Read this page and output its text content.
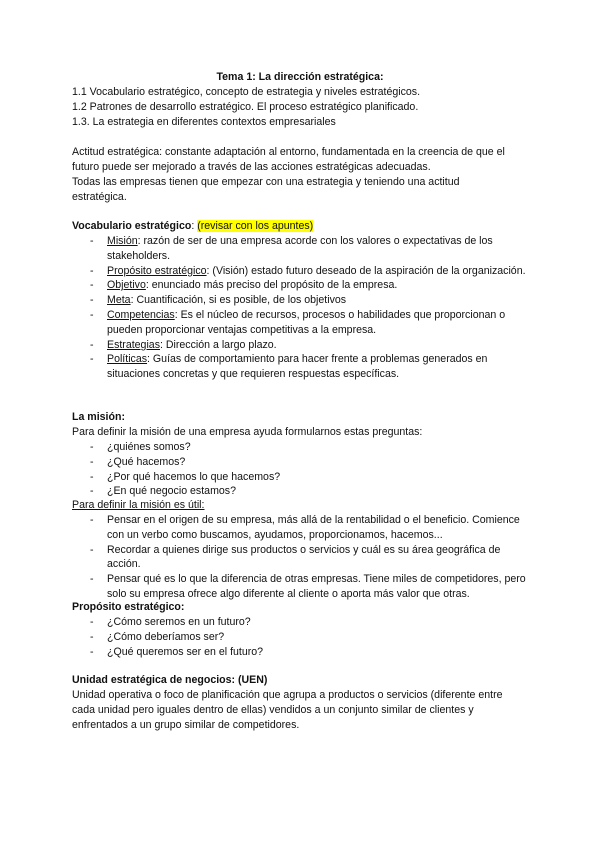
Tema 1: La dirección estratégica:
1.1 Vocabulario estratégico, concepto de estrategia y niveles estratégicos.
1.2 Patrones de desarrollo estratégico. El proceso estratégico planificado.
1.3. La estrategia en diferentes contextos empresariales
Actitud estratégica: constante adaptación al entorno, fundamentada en la creencia de que el
futuro puede ser mejorado a través de las acciones estratégicas adecuadas.
Todas las empresas tienen que empezar con una estrategia y teniendo una actitud
estratégica.
Vocabulario estratégico: (revisar con los apuntes)
- Misión: razón de ser de una empresa acorde con los valores o expectativas de los stakeholders.
- Propósito estratégico: (Visión) estado futuro deseado de la aspiración de la organización.
- Objetivo: enunciado más preciso del propósito de la empresa.
- Meta: Cuantificación, si es posible, de los objetivos
- Competencias: Es el núcleo de recursos, procesos o habilidades que proporcionan o pueden proporcionar ventajas competitivas a la empresa.
- Estrategias: Dirección a largo plazo.
- Políticas: Guías de comportamiento para hacer frente a problemas generados en situaciones concretas y que requieren respuestas específicas.
La misión:
Para definir la misión de una empresa ayuda formularnos estas preguntas:
- ¿quiénes somos?
- ¿Qué hacemos?
- ¿Por qué hacemos lo que hacemos?
- ¿En qué negocio estamos?
Para definir la misión es útil:
- Pensar en el origen de su empresa, más allá de la rentabilidad o el beneficio. Comience con un verbo como buscamos, ayudamos, proporcionamos, hacemos...
- Recordar a quienes dirige sus productos o servicios y cuál es su área geográfica de acción.
- Pensar qué es lo que la diferencia de otras empresas. Tiene miles de competidores, pero solo su empresa ofrece algo diferente al cliente o aporta más valor que otras.
Propósito estratégico:
- ¿Cómo seremos en un futuro?
- ¿Cómo deberíamos ser?
- ¿Qué queremos ser en el futuro?
Unidad estratégica de negocios: (UEN)
Unidad operativa o foco de planificación que agrupa a productos o servicios (diferente entre
cada unidad pero iguales dentro de ellas) vendidos a un conjunto similar de clientes y
enfrentados a un grupo similar de competidores.
